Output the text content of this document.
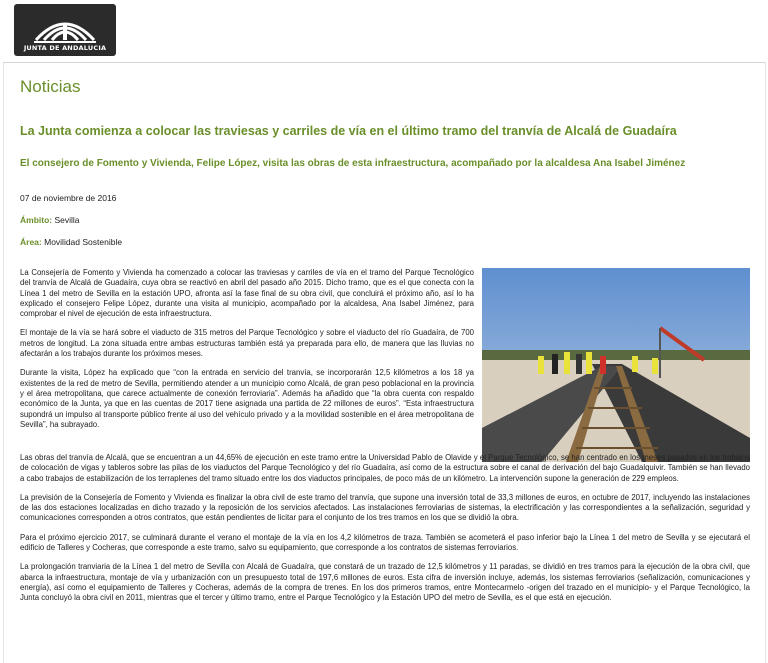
JUNTA DE ANDALUCIA
Noticias
La Junta comienza a colocar las traviesas y carriles de vía en el último tramo del tranvía de Alcalá de Guadaíra
El consejero de Fomento y Vivienda, Felipe López, visita las obras de esta infraestructura, acompañado por la alcaldesa Ana Isabel Jiménez
07 de noviembre de 2016
Ámbito: Sevilla
Área: Movilidad Sostenible

La Consejería de Fomento y Vivienda ha comenzado a colocar las traviesas y carriles de vía en el tramo del Parque Tecnológico del tranvía de Alcalá de Guadaíra, cuya obra se reactivó en abril del pasado año 2015. Dicho tramo, que es el que conecta con la Línea 1 del metro de Sevilla en la estación UPO, afronta así la fase final de su obra civil, que concluirá el próximo año, así lo ha explicado el consejero Felipe López, durante una visita al municipio, acompañado por la alcaldesa, Ana Isabel Jiménez, para comprobar el nivel de ejecución de esta infraestructura.

El montaje de la vía se hará sobre el viaducto de 315 metros del Parque Tecnológico y sobre el viaducto del río Guadaíra, de 700 metros de longitud. La zona situada entre ambas estructuras también está ya preparada para ello, de manera que las lluvias no afectarán a los trabajos durante los próximos meses.

Durante la visita, López ha explicado que “con la entrada en servicio del tranvía, se incorporarán 12,5 kilómetros a los 18 ya existentes de la red de metro de Sevilla, permitiendo atender a un municipio como Alcalá, de gran peso poblacional en la provincia y el área metropolitana, que carece actualmente de conexión ferroviaria”. Además ha añadido que “la obra cuenta con respaldo económico de la Junta, ya que en las cuentas de 2017 tiene asignada una partida de 22 millones de euros”. “Esta infraestructura supondrá un impulso al transporte público frente al uso del vehículo privado y a la movilidad sostenible en el área metropolitana de Sevilla”, ha subrayado.

Las obras del tranvía de Alcalá, que se encuentran a un 44,65% de ejecución en este tramo entre la Universidad Pablo de Olavide y el Parque Tecnológico, se han centrado en los meses pasados en los trabajos de colocación de vigas y tableros sobre las pilas de los viaductos del Parque Tecnológico y del río Guadaíra, así como de la estructura sobre el canal de derivación del bajo Guadalquivir. También se han llevado a cabo trabajos de estabilización de los terraplenes del tramo situado entre los dos viaductos principales, de poco más de un kilómetro. La intervención supone la generación de 229 empleos.

La previsión de la Consejería de Fomento y Vivienda es finalizar la obra civil de este tramo del tranvía, que supone una inversión total de 33,3 millones de euros, en octubre de 2017, incluyendo las instalaciones de las dos estaciones localizadas en dicho trazado y la reposición de los servicios afectados. Las instalaciones ferroviarias de sistemas, la electrificación y las correspondientes a la señalización, seguridad y comunicaciones corresponden a otros contratos, que están pendientes de licitar para el conjunto de los tres tramos en los que se dividió la obra.

Para el próximo ejercicio 2017, se culminará durante el verano el montaje de la vía en los 4,2 kilómetros de traza. También se acometerá el paso inferior bajo la Línea 1 del metro de Sevilla y se ejecutará el edificio de Talleres y Cocheras, que corresponde a este tramo, salvo su equipamiento, que corresponde a los contratos de sistemas ferroviarios.

La prolongación tranviaria de la Línea 1 del metro de Sevilla con Alcalá de Guadaíra, que constará de un trazado de 12,5 kilómetros y 11 paradas, se dividió en tres tramos para la ejecución de la obra civil, que abarca la infraestructura, montaje de vía y urbanización con un presupuesto total de 197,6 millones de euros. Esta cifra de inversión incluye, además, los sistemas ferroviarios (señalización, comunicaciones y energía), así como el equipamiento de Talleres y Cocheras, además de la compra de trenes. En los dos primeros tramos, entre Montecarmelo -origen del trazado en el municipio- y el Parque Tecnológico, la Junta concluyó la obra civil en 2011, mientras que el tercer y último tramo, entre el Parque Tecnológico y la Estación UPO del metro de Sevilla, es el que está en ejecución.
